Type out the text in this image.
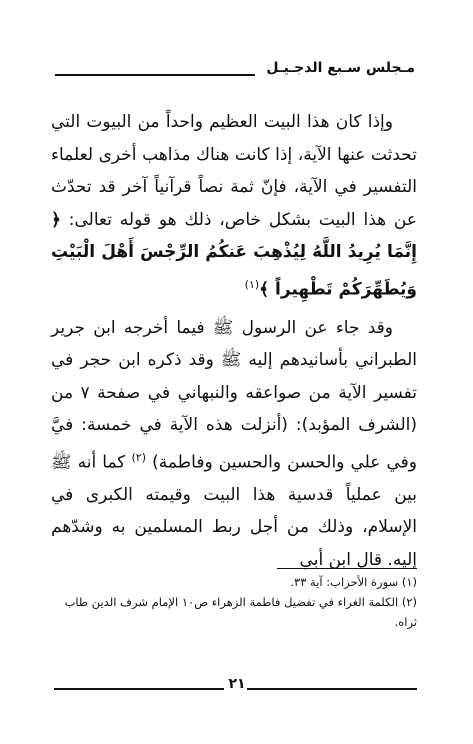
مـجلس سـبع الدجـيـل

وإذا كان هذا البيت العظيم واحداً من البيوت التي تحدثت عنها الآية، إذا كانت هناك مذاهب أخرى لعلماء التفسير في الآية، فإنّ ثمة نصاً قرآنياً آخر قد تحدّث عن هذا البيت بشكل خاص، ذلك هو قوله تعالى: ﴿ إِنَّمَا يُرِيدُ اللَّهُ لِيُذْهِبَ عَنكُمُ الرِّجْسَ أَهْلَ الْبَيْتِ وَيُطَهِّرَكُمْ تَطْهِيراً ﴾$^{(١)}$

وقد جاء عن الرسول ﷺ فيما أخرجه ابن جرير الطبراني بأسانيدهم إليه ﷺ وقد ذكره ابن حجر في تفسير الآية من صواعقه والنبهاني في صفحة ٧ من (الشرف المؤبد): (أنزلت هذه الآية في خمسة: فيَّ وفي علي والحسن والحسين وفاطمة) $^{(٢)}$ كما أنه ﷺ بين عملياً قدسية هذا البيت وقيمته الكبرى في الإسلام، وذلك من أجل ربط المسلمين به وشدّهم إليه. قال ابن أبي

(١) سورة الأحزاب: آية ٣٣.

(٢) الكلمة الغراء في تفضيل فاطمة الزهراء ص١٠ الإمام شرف الدين طاب ثراه.

٢١
